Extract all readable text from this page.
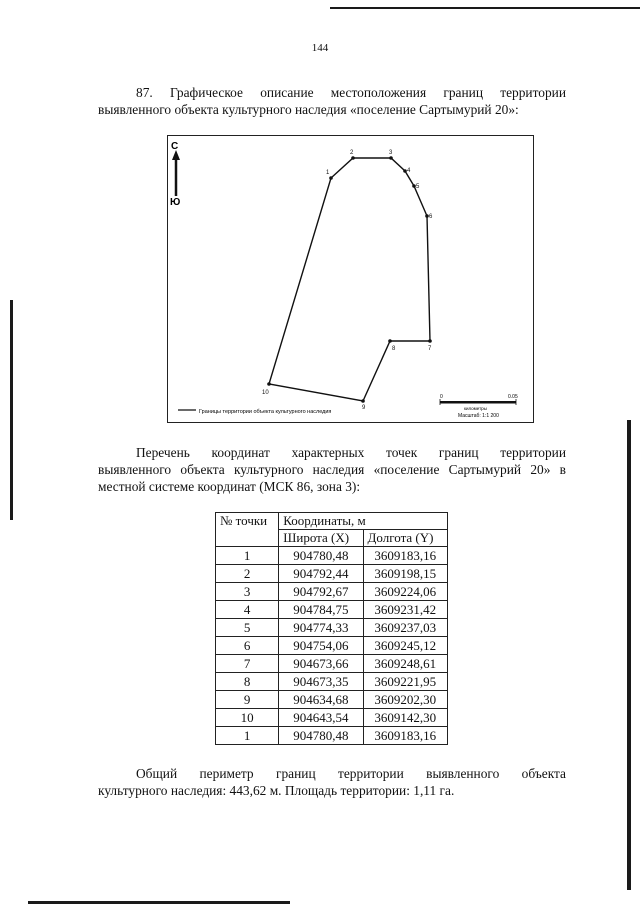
144

87. Графическое описание местоположения границ территории

выявленного объекта культурного наследия «поселение Сартымурий 20»:

С
Ю
1
2	3
4
5
6
7
8
9
10
Границы территории объекта культурного наследия
0	0.05
километры
Масштаб: 1:1 200

Перечень координат характерных точек границ территории

выявленного объекта культурного наследия «поселение Сартымурий 20» в

местной системе координат (МСК 86, зона 3):

№ точки	Координаты, м	
	Широта (X)	Долгота (Y)
1	904780,48	3609183,16
2	904792,44	3609198,15
3	904792,67	3609224,06
4	904784,75	3609231,42
5	904774,33	3609237,03
6	904754,06	3609245,12
7	904673,66	3609248,61
8	904673,35	3609221,95
9	904634,68	3609202,30
10	904643,54	3609142,30
1	904780,48	3609183,16

Общий периметр границ территории выявленного объекта

культурного наследия: 443,62 м. Площадь территории: 1,11 га.
